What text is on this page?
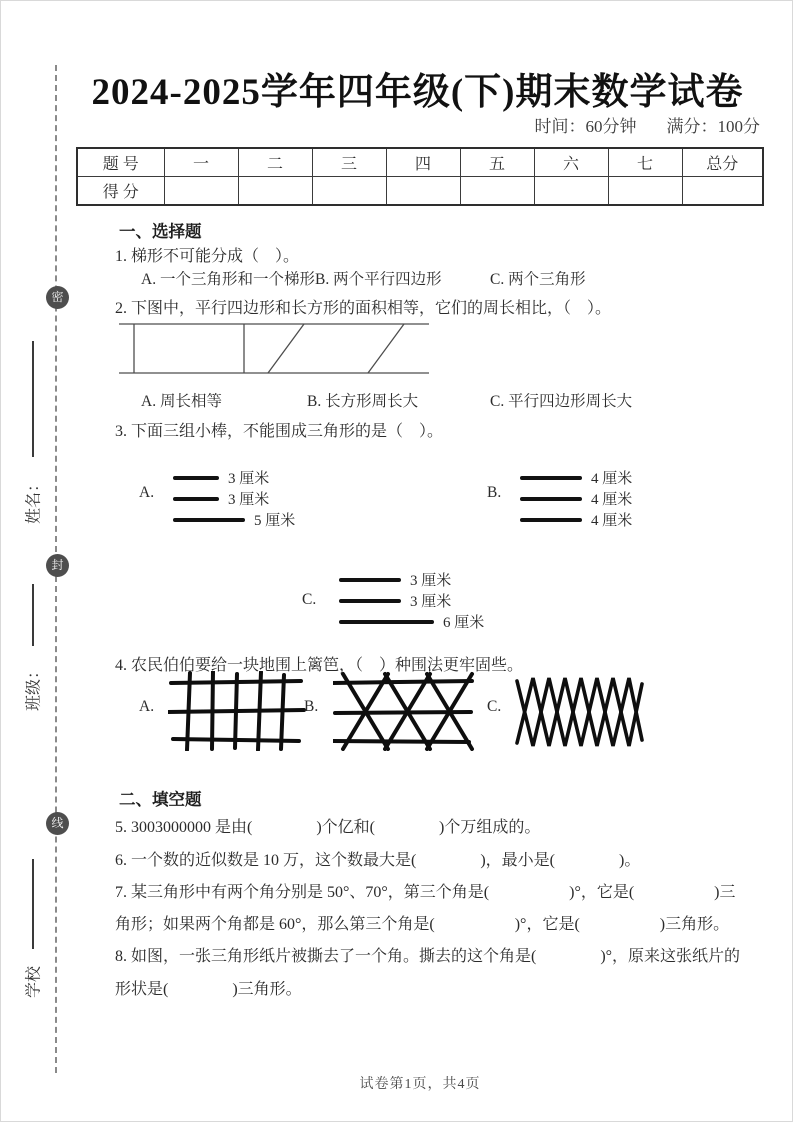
密
封
线
姓名：
班级：
学校
2024-2025学年四年级(下)期末数学试卷
时间：60分钟 满分：100分
题 号	一	二	三	四	五	六	七	总分
得 分								
一、选择题
1. 梯形不可能分成（　）。
A. 一个三角形和一个梯形 B. 两个平行四边形	C. 两个三角形
2. 下图中，平行四边形和长方形的面积相等，它们的周长相比，（　）。
A. 周长相等	B. 长方形周长大	C. 平行四边形周长大
3. 下面三组小棒，不能围成三角形的是（　）。
A.
3 厘米
3 厘米
5 厘米
B.
4 厘米
4 厘米
4 厘米
C.
3 厘米
3 厘米
6 厘米
4. 农民伯伯要给一块地围上篱笆，（　）种围法更牢固些。
A.	B.	C.
二、填空题
5. 3003000000 是由(　　　　)个亿和(　　　　)个万组成的。
6. 一个数的近似数是 10 万，这个数最大是(　　　　)，最小是(　　　　)。
7. 某三角形中有两个角分别是 50°、70°，第三个角是(　　　　　)°，它是(　　　　　)三
角形；如果两个角都是 60°，那么第三个角是(　　　　　)°，它是(　　　　　)三角形。
8. 如图，一张三角形纸片被撕去了一个角。撕去的这个角是(　　　　)°，原来这张纸片的
形状是(　　　　)三角形。
试卷第1页，共4页
